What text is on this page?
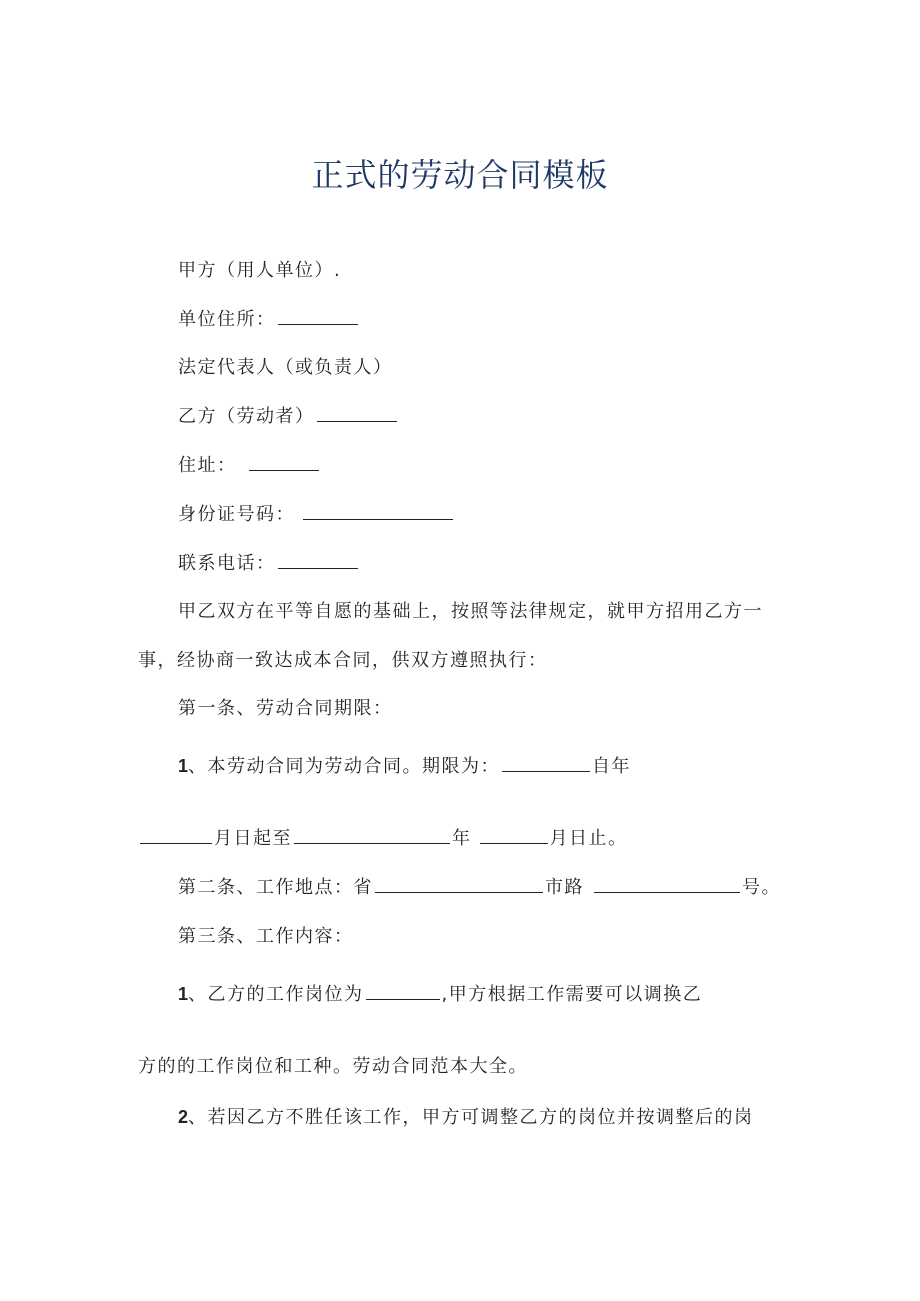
正式的劳动合同模板
甲方（用人单位）.
单位住所：
法定代表人（或负责人）
乙方（劳动者）
住址：
身份证号码：
联系电话：
甲乙双方在平等自愿的基础上，按照等法律规定，就甲方招用乙方一
事，经协商一致达成本合同，供双方遵照执行：
第一条、劳动合同期限：
1、本劳动合同为劳动合同。期限为：	自年
月日起至	年	月日止。
第二条、工作地点：省	市路	号。
第三条、工作内容：
1、乙方的工作岗位为	,甲方根据工作需要可以调换乙
方的的工作岗位和工种。劳动合同范本大全。
2、若因乙方不胜任该工作，甲方可调整乙方的岗位并按调整后的岗
